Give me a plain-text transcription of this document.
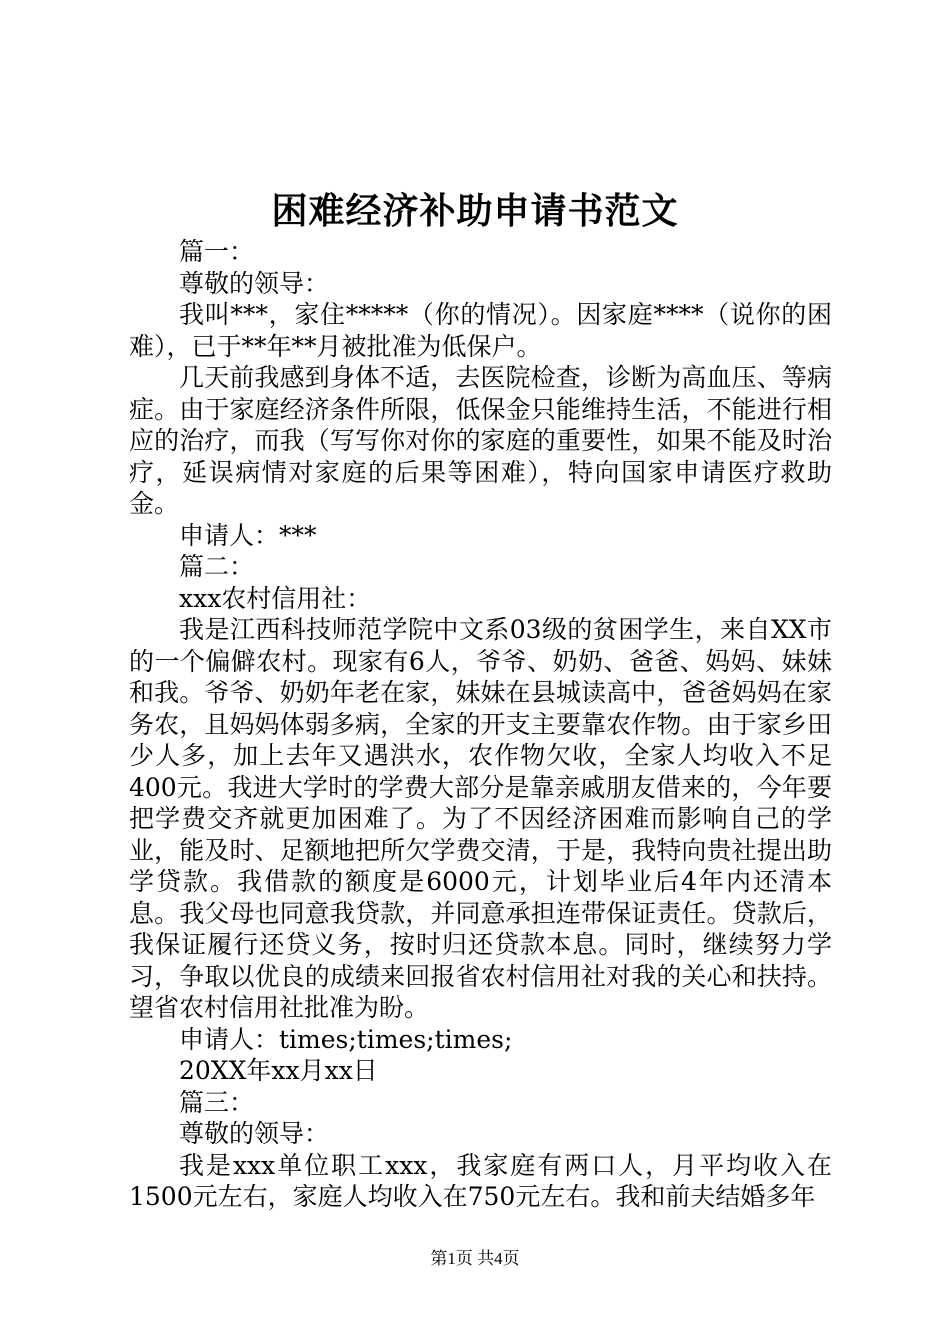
困难经济补助申请书范文

篇一：

尊敬的领导：

我叫***，家住*****（你的情况）。因家庭****（说你的困难），已于**年**月被批准为低保户。

几天前我感到身体不适，去医院检查，诊断为高血压、等病症。由于家庭经济条件所限，低保金只能维持生活，不能进行相应的治疗，而我（写写你对你的家庭的重要性，如果不能及时治疗，延误病情对家庭的后果等困难），特向国家申请医疗救助金。

申请人：***

篇二：

xxx农村信用社：

我是江西科技师范学院中文系03级的贫困学生，来自XX市的一个偏僻农村。现家有6人，爷爷、奶奶、爸爸、妈妈、妹妹和我。爷爷、奶奶年老在家，妹妹在县城读高中，爸爸妈妈在家务农，且妈妈体弱多病，全家的开支主要靠农作物。由于家乡田少人多，加上去年又遇洪水，农作物欠收，全家人均收入不足400元。我进大学时的学费大部分是靠亲戚朋友借来的，今年要把学费交齐就更加困难了。为了不因经济困难而影响自己的学业，能及时、足额地把所欠学费交清，于是，我特向贵社提出助学贷款。我借款的额度是6000元，计划毕业后4年内还清本息。我父母也同意我贷款，并同意承担连带保证责任。贷款后，我保证履行还贷义务，按时归还贷款本息。同时，继续努力学习，争取以优良的成绩来回报省农村信用社对我的关心和扶持。望省农村信用社批准为盼。

申请人：times;times;times;

20XX年xx月xx日

篇三：

尊敬的领导：

我是xxx单位职工xxx，我家庭有两口人，月平均收入在1500元左右，家庭人均收入在750元左右。我和前夫结婚多年

第1页 共4页
